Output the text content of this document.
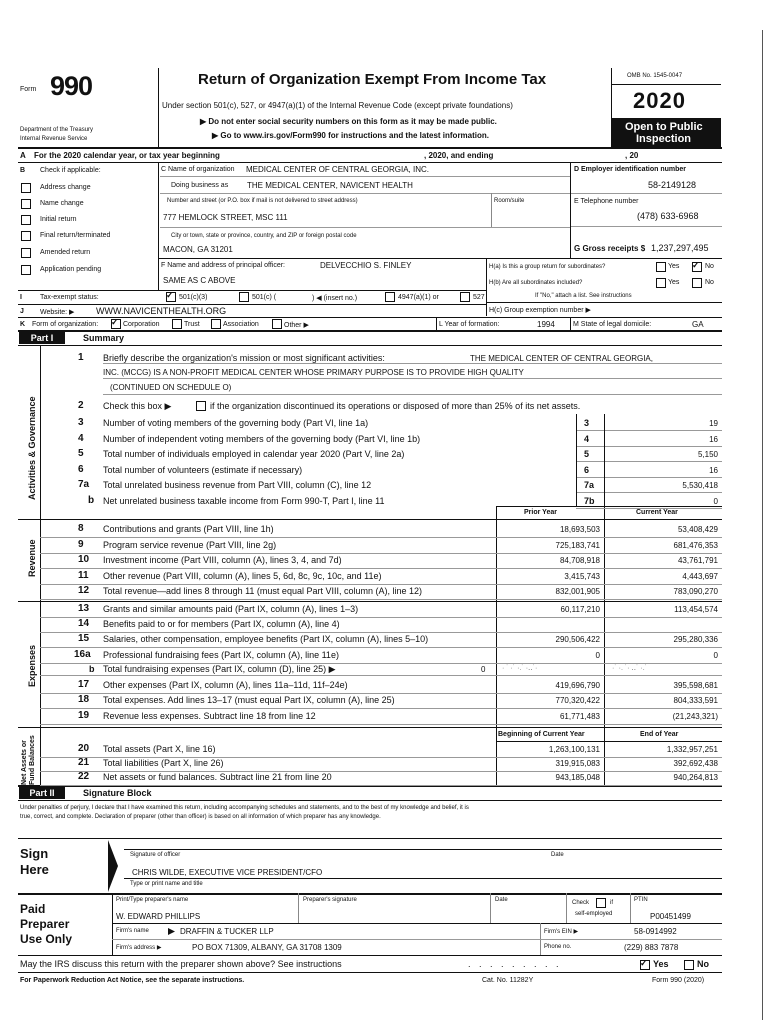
Form 990
Department of the Treasury
Internal Revenue Service
Return of Organization Exempt From Income Tax
Under section 501(c), 527, or 4947(a)(1) of the Internal Revenue Code (except private foundations)
▶ Do not enter social security numbers on this form as it may be made public.
▶ Go to www.irs.gov/Form990 for instructions and the latest information.
OMB No. 1545-0047
2020
Open to Public
Inspection
A For the 2020 calendar year, or tax year beginning	, 2020, and ending	, 20
B Check if applicable:
Address change
Name change
Initial return
Final return/terminated
Amended return
Application pending
C Name of organization MEDICAL CENTER OF CENTRAL GEORGIA, INC.
Doing business as THE MEDICAL CENTER, NAVICENT HEALTH
Number and street (or P.O. box if mail is not delivered to street address)	Room/suite
777 HEMLOCK STREET, MSC 111
City or town, state or province, country, and ZIP or foreign postal code
MACON, GA 31201
F Name and address of principal officer:	DELVECCHIO S. FINLEY
SAME AS C ABOVE
D Employer identification number
58-2149128
E Telephone number
(478) 633-6968
G Gross receipts $ 1,237,297,495
H(a) Is this a group return for subordinates?	Yes ✓ No
H(b) Are all subordinates included?	Yes	No
If "No," attach a list. See instructions
H(c) Group exemption number ▶
I	Tax-exempt status:	✓ 501(c)(3)	501(c) (	) ◀ (insert no.)	4947(a)(1) or	527
J Website: ▶ WWW.NAVICENTHEALTH.ORG
K Form of organization: ✓ Corporation	Trust	Association	Other ▶	L Year of formation:	1994	M State of legal domicile:	GA
Part I	Summary
Activities & Governance
Revenue
Expenses
Net Assets or Fund Balances
1 Briefly describe the organization's mission or most significant activities:	THE MEDICAL CENTER OF CENTRAL GEORGIA,
INC. (MCCG) IS A NON-PROFIT MEDICAL CENTER WHOSE PRIMARY PURPOSE IS TO PROVIDE HIGH QUALITY
(CONTINUED ON SCHEDULE O)
2 Check this box ▶	if the organization discontinued its operations or disposed of more than 25% of its net assets.
Prior Year	Current Year
b Total fundraising expenses (Part IX, column (D), line 25) ▶	0 · ˙ ·˙ ·.˙ ·‥˙·	·˙ ·. ˙· ‥˙ ·.˙
Beginning of Current Year	End of Year
Part II	Signature Block
Under penalties of perjury, I declare that I have examined this return, including accompanying schedules and statements, and to the best of my knowledge and belief, it is
true, correct, and complete. Declaration of preparer (other than officer) is based on all information of which preparer has any knowledge.
Sign
Here
Signature of officer	Date
CHRIS WILDE, EXECUTIVE VICE PRESIDENT/CFO
Type or print name and title
Paid
Preparer
Use Only
Print/Type preparer's name
W. EDWARD PHILLIPS
Preparer's signature	Date	Check	if
self-employed
PTIN
P00451499
Firm's name	DRAFFIN & TUCKER LLP	Firm's EIN ▶	58-0914992
Firm's address ▶	PO BOX 71309, ALBANY, GA 31708 1309	Phone no.	(229) 883 7878
May the IRS discuss this return with the preparer shown above? See instructions	. . . . . . . . .	✓ Yes	No
For Paperwork Reduction Act Notice, see the separate instructions.	Cat. No. 11282Y	Form 990 (2020)
3 Number of voting members of the governing body (Part VI, line 1a)	3	19
4 Number of independent voting members of the governing body (Part VI, line 1b)	4	16
5 Total number of individuals employed in calendar year 2020 (Part V, line 2a)	5	5,150
6 Total number of volunteers (estimate if necessary)	6	16
7a Total unrelated business revenue from Part VIII, column (C), line 12	7a	5,530,418
b Net unrelated business taxable income from Form 990-T, Part I, line 11	7b	0
8 Contributions and grants (Part VIII, line 1h)	18,693,503	53,408,429
9 Program service revenue (Part VIII, line 2g)	725,183,741	681,476,353
10 Investment income (Part VIII, column (A), lines 3, 4, and 7d)	84,708,918	43,761,791
11 Other revenue (Part VIII, column (A), lines 5, 6d, 8c, 9c, 10c, and 11e)	3,415,743	4,443,697
12 Total revenue—add lines 8 through 11 (must equal Part VIII, column (A), line 12)	832,001,905	783,090,270
13 Grants and similar amounts paid (Part IX, column (A), lines 1–3)	60,117,210	113,454,574
14 Benefits paid to or for members (Part IX, column (A), line 4)
15 Salaries, other compensation, employee benefits (Part IX, column (A), lines 5–10)	290,506,422	295,280,336
16a Professional fundraising fees (Part IX, column (A), line 11e)	0	0
17 Other expenses (Part IX, column (A), lines 11a–11d, 11f–24e)	419,696,790	395,598,681
18 Total expenses. Add lines 13–17 (must equal Part IX, column (A), line 25)	770,320,422	804,333,591
19 Revenue less expenses. Subtract line 18 from line 12	61,771,483	(21,243,321)
20 Total assets (Part X, line 16)	1,263,100,131	1,332,957,251
21 Total liabilities (Part X, line 26)	319,915,083	392,692,438
22 Net assets or fund balances. Subtract line 21 from line 20	943,185,048	940,264,813
